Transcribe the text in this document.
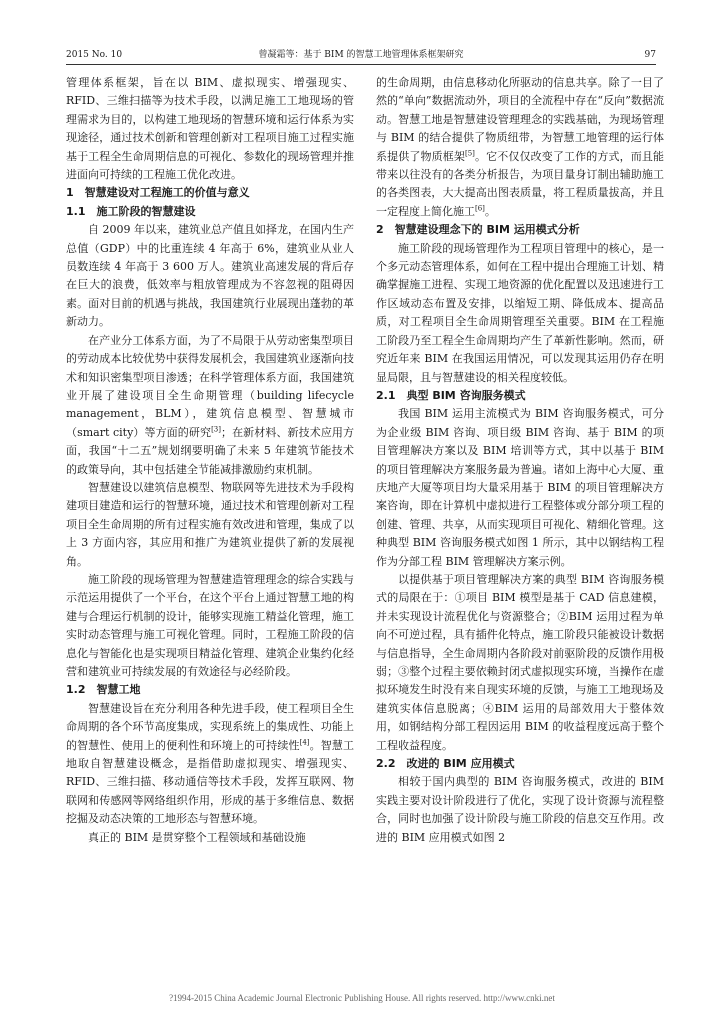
2015 No. 10	曾凝霜等：基于 BIM 的智慧工地管理体系框架研究	97

管理体系框架，旨在以 BIM、虚拟现实、增强现实、RFID、三维扫描等为技术手段，以满足施工工地现场的管理需求为目的，以构建工地现场的智慧环境和运行体系为实现途径，通过技术创新和管理创新对工程项目施工过程实施基于工程全生命周期信息的可视化、参数化的现场管理并推进面向可持续的工程施工优化改进。

1　智慧建设对工程施工的价值与意义
1.1　施工阶段的智慧建设

自 2009 年以来，建筑业总产值且如择龙，在国内生产总值（GDP）中的比重连续 4 年高于 6%，建筑业从业人员数连续 4 年高于 3 600 万人。建筑业高速发展的背后存在巨大的浪费，低效率与粗放管理成为不容忽视的阻碍因素。面对目前的机遇与挑战，我国建筑行业展现出蓬勃的革新动力。

在产业分工体系方面，为了不局限于从劳动密集型项目的劳动成本比较优势中获得发展机会，我国建筑业逐渐向技术和知识密集型项目渗透；在科学管理体系方面，我国建筑业开展了建设项目全生命期管理（building lifecycle management，BLM），建筑信息模型、智慧城市（smart city）等方面的研究[3]；在新材料、新技术应用方面，我国“十二五”规划纲要明确了未来 5 年建筑节能技术的政策导向，其中包括建全节能减排激励约束机制。

智慧建设以建筑信息模型、物联网等先进技术为手段构建项目建造和运行的智慧环境，通过技术和管理创新对工程项目全生命周期的所有过程实施有效改进和管理，集成了以上 3 方面内容，其应用和推广为建筑业提供了新的发展视角。

施工阶段的现场管理为智慧建造管理理念的综合实践与示范运用提供了一个平台，在这个平台上通过智慧工地的构建与合理运行机制的设计，能够实现施工精益化管理，施工实时动态管理与施工可视化管理。同时，工程施工阶段的信息化与智能化也是实现项目精益化管理、建筑企业集约化经营和建筑业可持续发展的有效途径与必经阶段。

1.2　智慧工地

智慧建设旨在充分利用各种先进手段，使工程项目全生命周期的各个环节高度集成，实现系统上的集成性、功能上的智慧性、使用上的便利性和环境上的可持续性[4]。智慧工地取自智慧建设概念，是指借助虚拟现实、增强现实、RFID、三维扫描、移动通信等技术手段，发挥互联网、物联网和传感网等网络组织作用，形成的基于多维信息、数据挖掘及动态决策的工地形态与智慧环境。

真正的 BIM 是贯穿整个工程领域和基础设施

的生命周期，由信息移动化所驱动的信息共享。除了一目了然的“单向”数据流动外，项目的全流程中存在“反向”数据流动。智慧工地是智慧建设管理理念的实践基础，为现场管理与 BIM 的结合提供了物质纽带，为智慧工地管理的运行体系提供了物质框架[5]。它不仅仅改变了工作的方式，而且能带来以往没有的各类分析报告，为项目量身订制出辅助施工的各类图表，大大提高出图表质量，将工程质量拔高，并且一定程度上简化施工[6]。

2　智慧建设理念下的 BIM 运用模式分析

施工阶段的现场管理作为工程项目管理中的核心，是一个多元动态管理体系，如何在工程中提出合理施工计划、精确掌握施工进程、实现工地资源的优化配置以及迅速进行工作区域动态布置及安排，以缩短工期、降低成本、提高品质，对工程项目全生命周期管理至关重要。BIM 在工程施工阶段乃至工程全生命周期均产生了革新性影响。然而，研究近年来 BIM 在我国运用情况，可以发现其运用仍存在明显局限，且与智慧建设的相关程度较低。

2.1　典型 BIM 咨询服务模式

我国 BIM 运用主流模式为 BIM 咨询服务模式，可分为企业级 BIM 咨询、项目级 BIM 咨询、基于 BIM 的项目管理解决方案以及 BIM 培训等方式，其中以基于 BIM 的项目管理解决方案服务最为普遍。诸如上海中心大厦、重庆地产大厦等项目均大量采用基于 BIM 的项目管理解决方案咨询，即在计算机中虚拟进行工程整体或分部分项工程的创建、管理、共享，从而实现项目可视化、精细化管理。这种典型 BIM 咨询服务模式如图 1 所示，其中以钢结构工程作为分部工程 BIM 管理解决方案示例。

以提供基于项目管理解决方案的典型 BIM 咨询服务模式的局限在于：①项目 BIM 模型是基于 CAD 信息建模，并未实现设计流程优化与资源整合；②BIM 运用过程为单向不可逆过程，具有插件化特点，施工阶段只能被设计数据与信息指导，全生命周期内各阶段对前驱阶段的反馈作用极弱；③整个过程主要依赖封闭式虚拟现实环境，当操作在虚拟环境发生时没有来自现实环境的反馈，与施工工地现场及建筑实体信息脱离；④BIM 运用的局部效用大于整体效用，如钢结构分部工程因运用 BIM 的收益程度远高于整个工程收益程度。

2.2　改进的 BIM 应用模式

相较于国内典型的 BIM 咨询服务模式，改进的 BIM 实践主要对设计阶段进行了优化，实现了设计资源与流程整合，同时也加强了设计阶段与施工阶段的信息交互作用。改进的 BIM 应用模式如图 2

?1994-2015 China Academic Journal Electronic Publishing House. All rights reserved. http://www.cnki.net
